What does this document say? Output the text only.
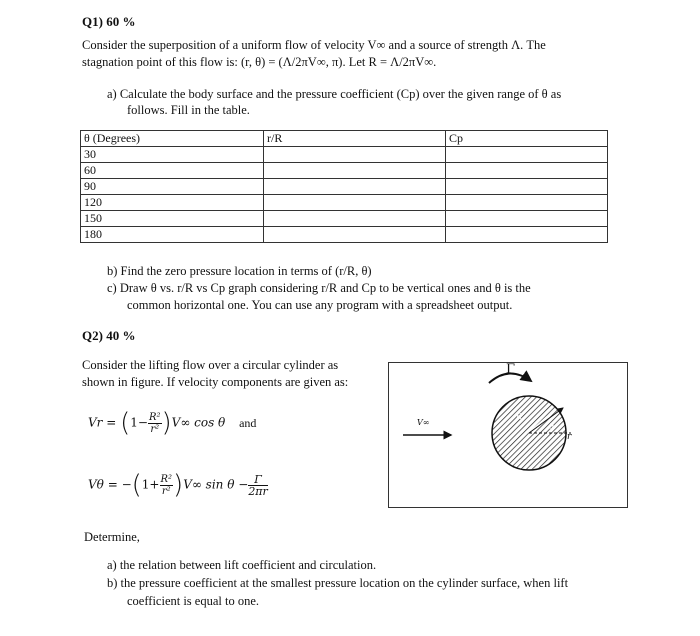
Q1) 60 %

Consider the superposition of a uniform flow of velocity V∞ and a source of strength Λ. The

stagnation point of this flow is: (r, θ) = (Λ/2πV∞, π). Let R = Λ/2πV∞.

a) Calculate the body surface and the pressure coefficient (Cp) over the given range of θ as

follows. Fill in the table.

θ (Degrees)	r/R	Cp
30		
60		
90		
120		
150		
180		

b) Find the zero pressure location in terms of (r/R, θ)

c) Draw θ vs. r/R vs Cp graph considering r/R and Cp to be vertical ones and θ is the

common horizontal one. You can use any program with a spreadsheet output.

Q2) 40 %

Consider the lifting flow over a circular cylinder as

shown in figure. If velocity components are given as:

$Vr = (1- \frac{\text{R²}}{\text{r²}} )V\infty$ cos θ and
$V\theta = -(1+ \frac{\text{R²}}{\text{r²}} )V\infty$ $\sin \theta - \frac{\Gamma}{2\pi r}$
R
θ
r
V∞
Γ

Determine,

a) the relation between lift coefficient and circulation.

b) the pressure coefficient at the smallest pressure location on the cylinder surface, when lift

coefficient is equal to one.
